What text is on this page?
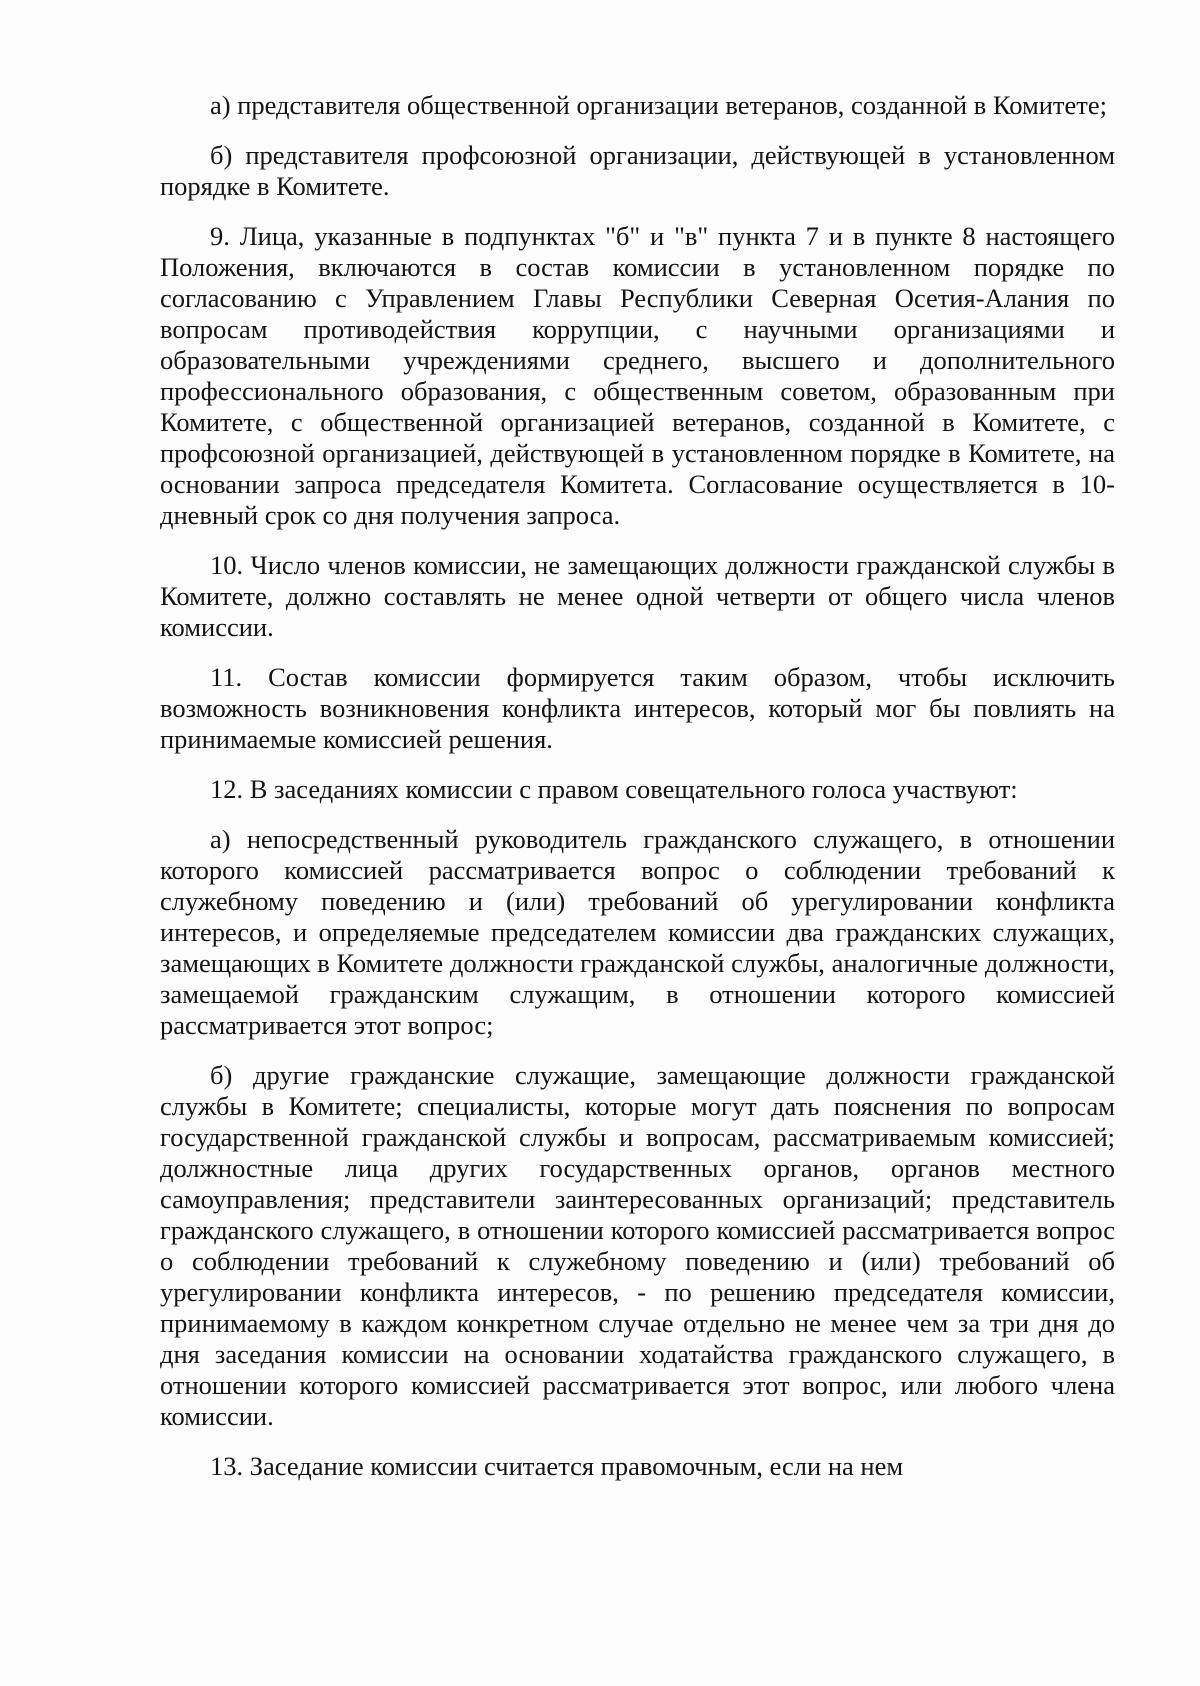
а) представителя общественной организации ветеранов, созданной в Комитете;

б) представителя профсоюзной организации, действующей в установленном порядке в Комитете.

9. Лица, указанные в подпунктах "б" и "в" пункта 7 и в пункте 8 настоящего Положения, включаются в состав комиссии в установленном порядке по согласованию с Управлением Главы Республики Северная Осетия-Алания по вопросам противодействия коррупции, с научными организациями и образовательными учреждениями среднего, высшего и дополнительного профессионального образования, с общественным советом, образованным при Комитете, с общественной организацией ветеранов, созданной в Комитете, с профсоюзной организацией, действующей в установленном порядке в Комитете, на основании запроса председателя Комитета. Согласование осуществляется в 10-дневный срок со дня получения запроса.

10. Число членов комиссии, не замещающих должности гражданской службы в Комитете, должно составлять не менее одной четверти от общего числа членов комиссии.

11. Состав комиссии формируется таким образом, чтобы исключить возможность возникновения конфликта интересов, который мог бы повлиять на принимаемые комиссией решения.

12. В заседаниях комиссии с правом совещательного голоса участвуют:

а) непосредственный руководитель гражданского служащего, в отношении которого комиссией рассматривается вопрос о соблюдении требований к служебному поведению и (или) требований об урегулировании конфликта интересов, и определяемые председателем комиссии два гражданских служащих, замещающих в Комитете должности гражданской службы, аналогичные должности, замещаемой гражданским служащим, в отношении которого комиссией рассматривается этот вопрос;

б) другие гражданские служащие, замещающие должности гражданской службы в Комитете; специалисты, которые могут дать пояснения по вопросам государственной гражданской службы и вопросам, рассматриваемым комиссией; должностные лица других государственных органов, органов местного самоуправления; представители заинтересованных организаций; представитель гражданского служащего, в отношении которого комиссией рассматривается вопрос о соблюдении требований к служебному поведению и (или) требований об урегулировании конфликта интересов, - по решению председателя комиссии, принимаемому в каждом конкретном случае отдельно не менее чем за три дня до дня заседания комиссии на основании ходатайства гражданского служащего, в отношении которого комиссией рассматривается этот вопрос, или любого члена комиссии.

13. Заседание комиссии считается правомочным, если на нем
